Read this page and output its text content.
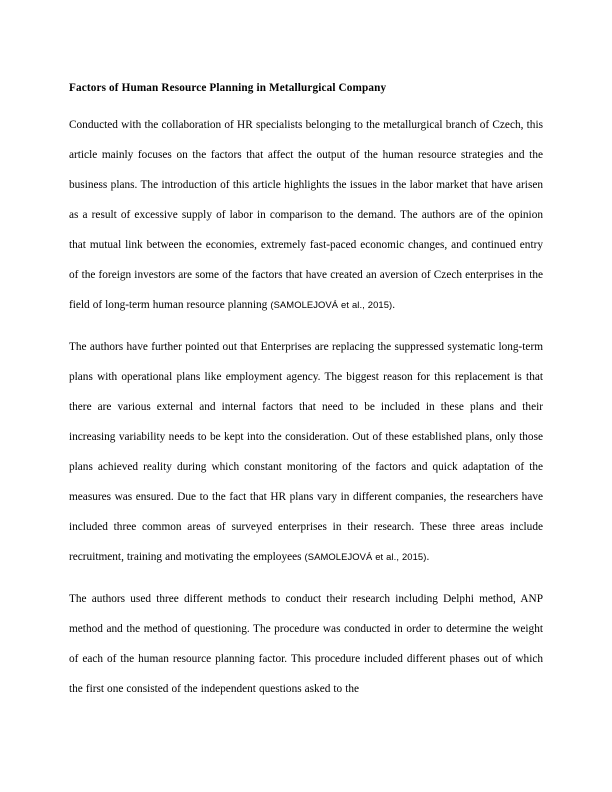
Factors of Human Resource Planning in Metallurgical Company

Conducted with the collaboration of HR specialists belonging to the metallurgical branch of Czech, this article mainly focuses on the factors that affect the output of the human resource strategies and the business plans. The introduction of this article highlights the issues in the labor market that have arisen as a result of excessive supply of labor in comparison to the demand. The authors are of the opinion that mutual link between the economies, extremely fast-paced economic changes, and continued entry of the foreign investors are some of the factors that have created an aversion of Czech enterprises in the field of long-term human resource planning (SAMOLEJOVÁ et al., 2015).

The authors have further pointed out that Enterprises are replacing the suppressed systematic long-term plans with operational plans like employment agency. The biggest reason for this replacement is that there are various external and internal factors that need to be included in these plans and their increasing variability needs to be kept into the consideration. Out of these established plans, only those plans achieved reality during which constant monitoring of the factors and quick adaptation of the measures was ensured. Due to the fact that HR plans vary in different companies, the researchers have included three common areas of surveyed enterprises in their research. These three areas include recruitment, training and motivating the employees (SAMOLEJOVÁ et al., 2015).

The authors used three different methods to conduct their research including Delphi method, ANP method and the method of questioning. The procedure was conducted in order to determine the weight of each of the human resource planning factor. This procedure included different phases out of which the first one consisted of the independent questions asked to the
